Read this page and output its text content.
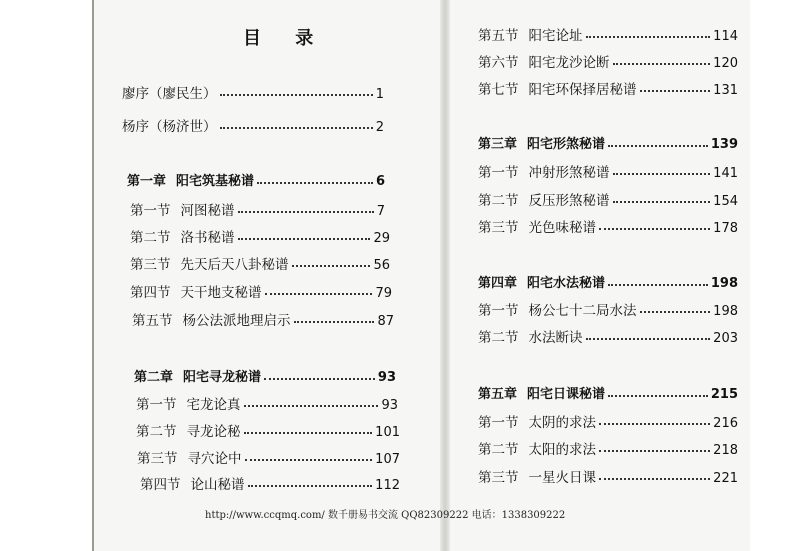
目 录
廖序（廖民生）	1
杨序（杨济世）	2
第一章 阳宅筑基秘谱	6
第一节 河图秘谱	7
第二节 洛书秘谱	29
第三节 先天后天八卦秘谱	56
第四节 天干地支秘谱	79
第五节 杨公法派地理启示	87
第二章 阳宅寻龙秘谱	93
第一节 宅龙论真	93
第二节 寻龙论秘	101
第三节 寻穴论中	107
第四节 论山秘谱	112
第五节 阳宅论址	114
第六节 阳宅龙沙论断	120
第七节 阳宅环保择居秘谱	131
第三章 阳宅形煞秘谱	139
第一节 冲射形煞秘谱	141
第二节 反压形煞秘谱	154
第三节 光色味秘谱	178
第四章 阳宅水法秘谱	198
第一节 杨公七十二局水法	198
第二节 水法断诀	203
第五章 阳宅日课秘谱	215
第一节 太阴的求法	216
第二节 太阳的求法	218
第三节 一星火日课	221
http://www.ccqmq.com/ 数千册易书交流 QQ82309222 电话：1338309222
